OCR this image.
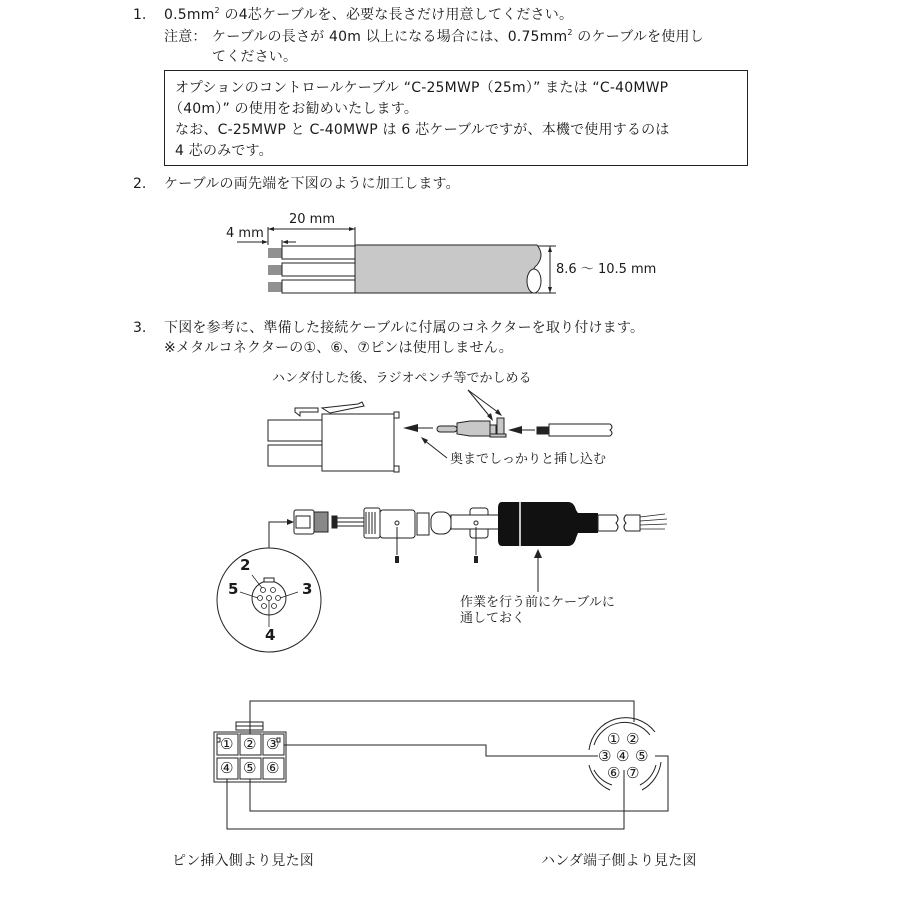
1. $0.5mm^2$ の4芯ケーブルを、必要な長さだけ用意してください。
注意： ケーブルの長さが 40m 以上になる場合には、$0.75mm^2$ のケーブルを使用し
てください。
オプションのコントロールケーブル “C-25MWP（25m）” または “C-40MWP
（40m）” の使用をお勧めいたします。
なお、C-25MWP と C-40MWP は 6 芯ケーブルですが、本機で使用するのは
4 芯のみです。
2. ケーブルの両先端を下図のように加工します。
20 mm
4 mm
8.6 ～ 10.5 mm
3. 下図を参考に、準備した接続ケーブルに付属のコネクターを取り付けます。
※メタルコネクターの①、⑥、⑦ピンは使用しません。
ハンダ付した後、ラジオペンチ等でかしめる
奥までしっかりと挿し込む
2
5	3
4
作業を行う前にケーブルに
通しておく
① ② ③
④ ⑤ ⑥
① ②
③ ④ ⑤
⑥ ⑦
ピン挿入側より見た図	ハンダ端子側より見た図
